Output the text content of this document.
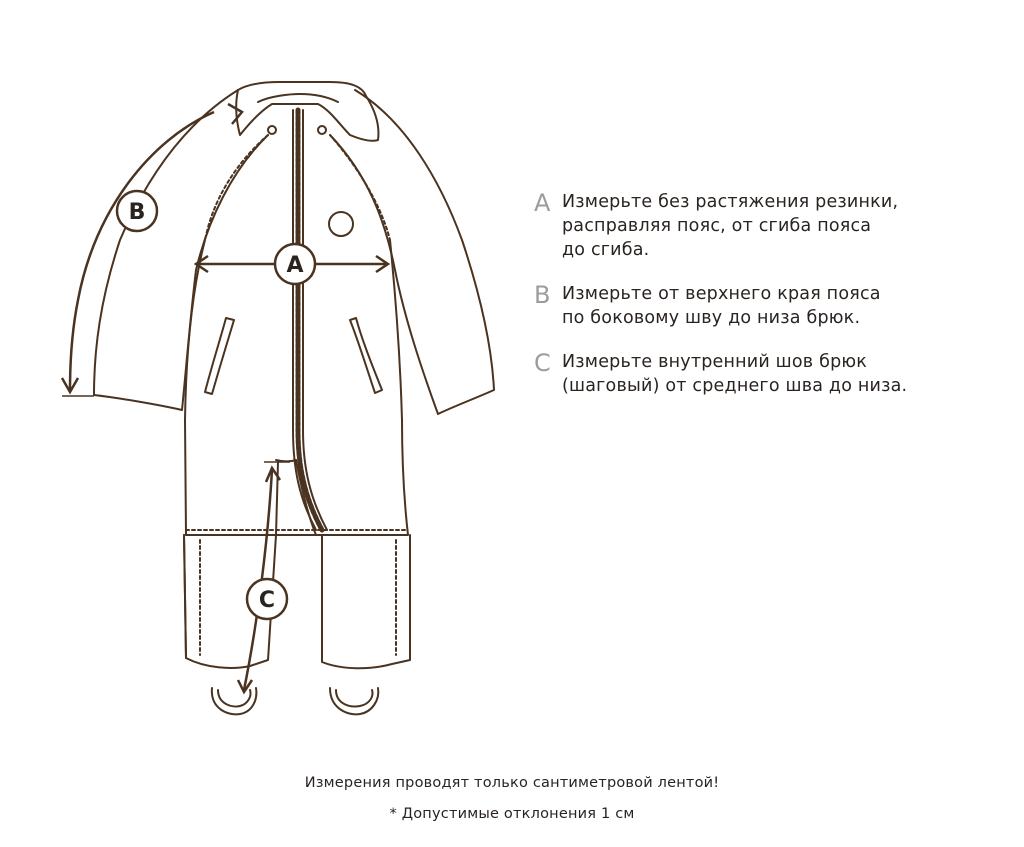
B
A
C
A Измерьте без растяжения резинки,
расправляя пояс, от сгиба пояса
до сгиба.
B Измерьте от верхнего края пояса
по боковому шву до низа брюк.
C Измерьте внутренний шов брюк
(шаговый) от среднего шва до низа.
Измерения проводят только сантиметровой лентой!
* Допустимые отклонения 1 см
